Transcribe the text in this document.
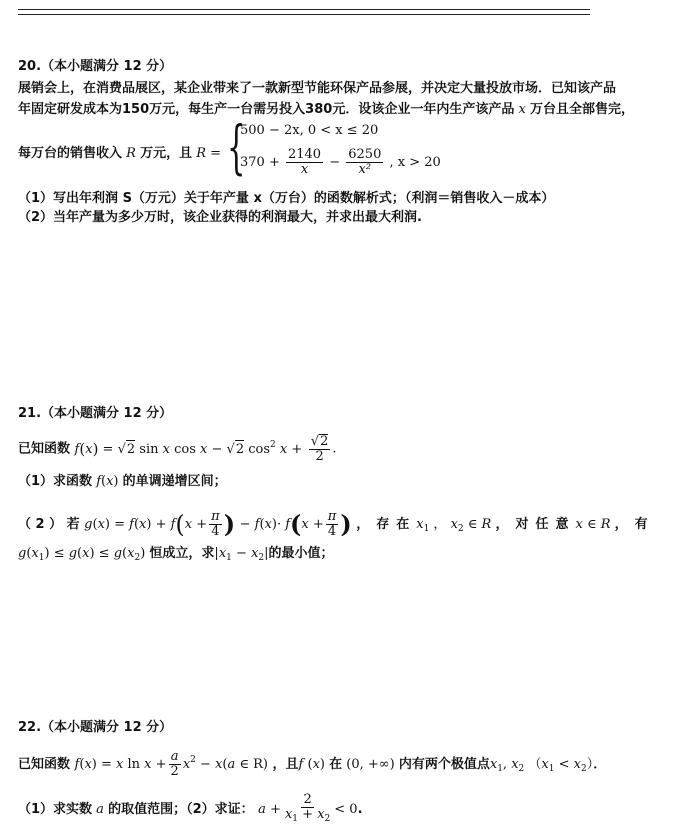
20.（本小题满分 12 分）
展销会上，在消费品展区，某企业带来了一款新型节能环保产品参展，并决定大量投放市场．已知该产品
年固定研发成本为150万元，每生产一台需另投入380元．设该企业一年内生产该产品 x 万台且全部售完，
每万台的销售收入 R 万元，且 R = {
500 − 2x, 0 < x ≤ 20
$370 + \frac{2140}{x} - \frac{6250}{\text{x²}}$ , x > 20
（1）写出年利润 S（万元）关于年产量 x（万台）的函数解析式；（利润＝销售收入－成本）
（2）当年产量为多少万时，该企业获得的利润最大，并求出最大利润.
21.（本小题满分 12 分）
已知函数 f(x) = √2 sin x cos x − √2 $\cos^2 x + \frac{√2}{2}$ .
（1）求函数 f(x) 的单调递增区间；
（ 2 ） 若 $g(x) = f(x) + f(x + \frac{\pi}{4}$ ) − $f(x)\cdot f(x + \frac{\pi}{4}$ ) ，存在$x_1$ ， $x_2$ ∈ R ，对任意x ∈ R ，有
$g(x_1) \le g(x) \le g(x_2)$ 恒成立，求$|x_1 - x_2|$的最小值；
22.（本小题满分 12 分）
已知函数 f(x) = x $\ln x + \frac{a}{2} x^2 - x(a$ ∈ R) ，且f (x) 在 (0, +∞) 内有两个极值点$x_1$, $x_2$ $(x_1 < x_2)$．
（1）求实数 a 的取值范围；（2）求证： $a + \frac{2}{x_1 + x_2} < 0$.
